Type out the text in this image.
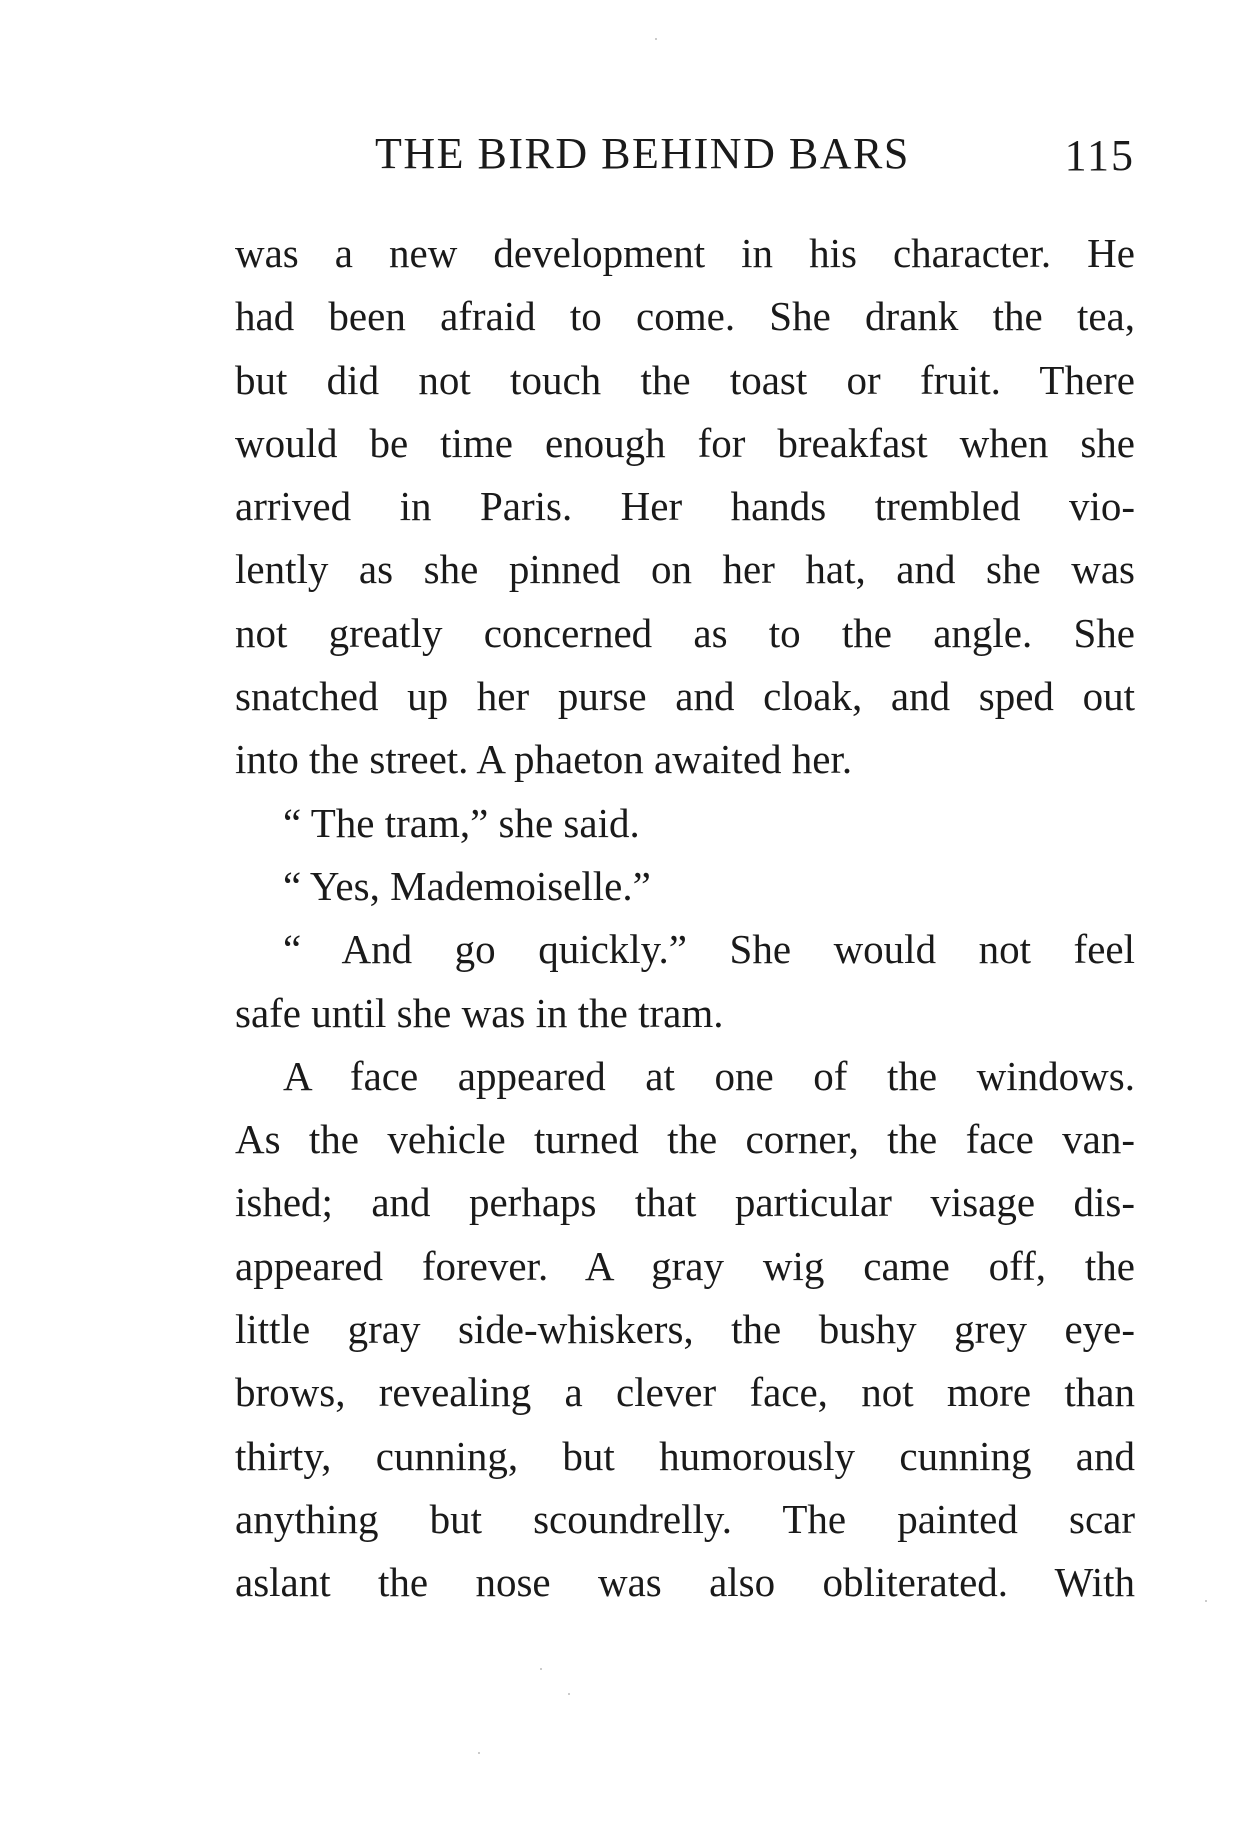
THE BIRD BEHIND BARS	115
was a new development in his character. He
had been afraid to come. She drank the tea,
but did not touch the toast or fruit. There
would be time enough for breakfast when she
arrived in Paris. Her hands trembled vio-
lently as she pinned on her hat, and she was
not greatly concerned as to the angle. She
snatched up her purse and cloak, and sped out
into the street. A phaeton awaited her.
“ The tram,” she said.
“ Yes, Mademoiselle.”
“ And go quickly.” She would not feel
safe until she was in the tram.
A face appeared at one of the windows.
As the vehicle turned the corner, the face van-
ished; and perhaps that particular visage dis-
appeared forever. A gray wig came off, the
little gray side-whiskers, the bushy grey eye-
brows, revealing a clever face, not more than
thirty, cunning, but humorously cunning and
anything but scoundrelly. The painted scar
aslant the nose was also obliterated. With
